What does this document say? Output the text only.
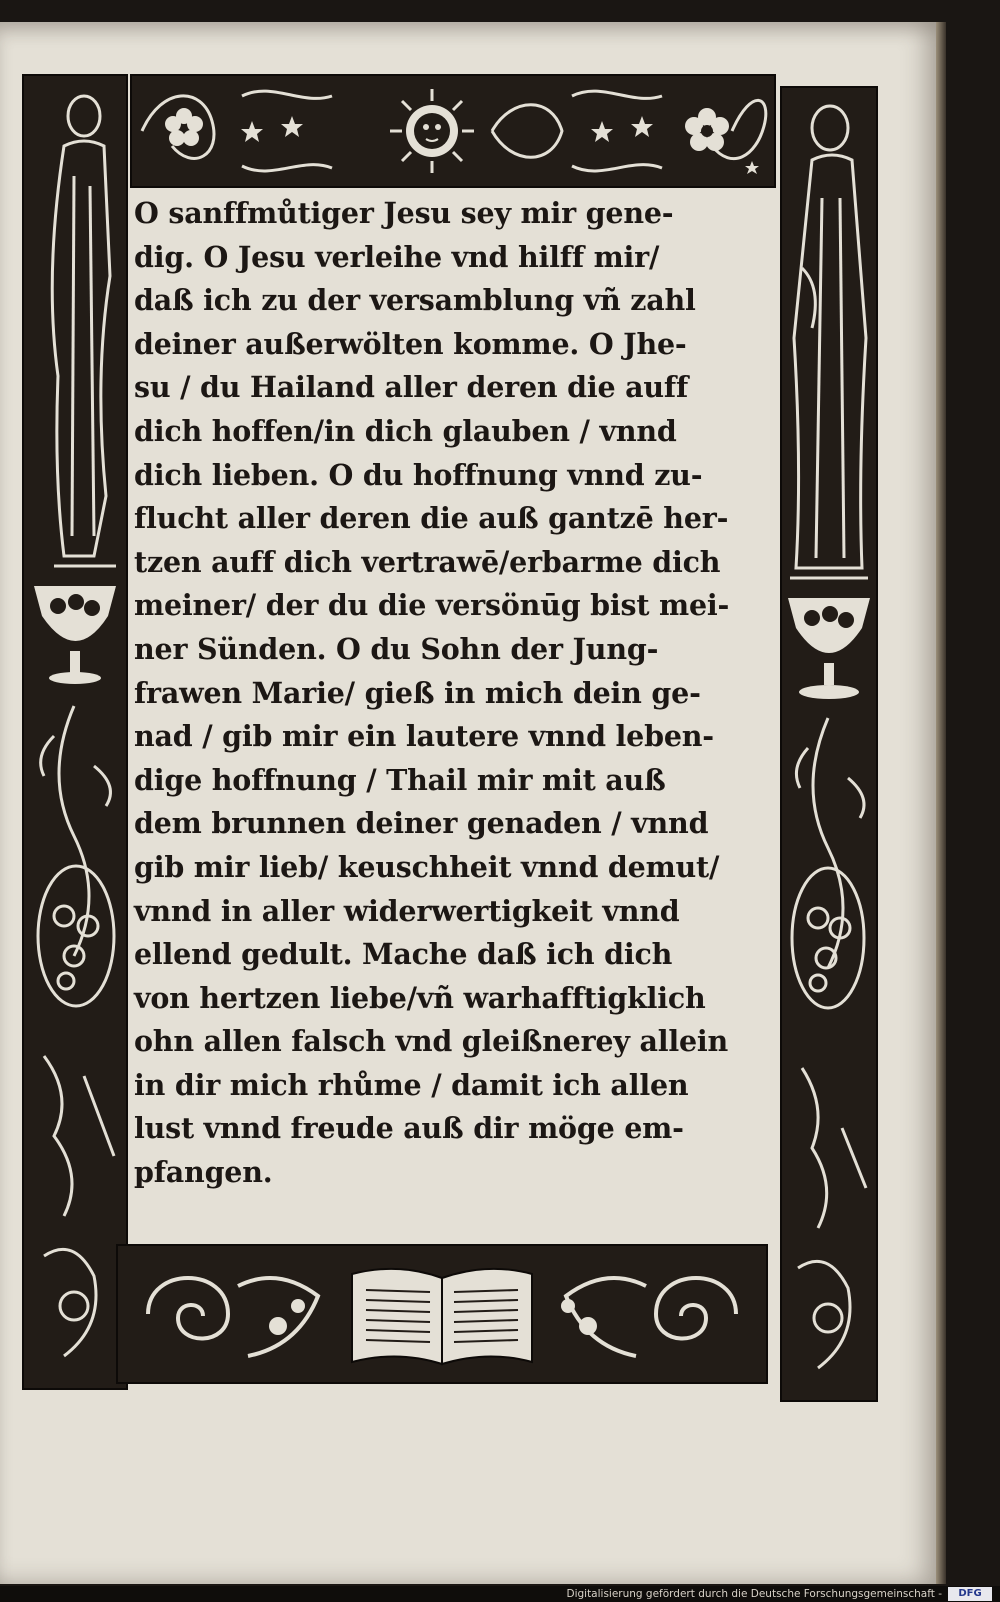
O sanffmůtiger Jesu sey mir gene-
dig. O Jesu verleihe vnd hilff mir/
daß ich zu der versamblung vñ zahl
deiner außerwölten komme. O Jhe-
su / du Hailand aller deren die auff
dich hoffen/in dich glauben / vnnd
dich lieben. O du hoffnung vnnd zu-
flucht aller deren die auß gantzē her-
tzen auff dich vertrawē/erbarme dich
meiner/ der du die versönūg bist mei-
ner Sünden. O du Sohn der Jung-
frawen Marie/ gieß in mich dein ge-
nad / gib mir ein lautere vnnd leben-
dige hoffnung / Thail mir mit auß
dem brunnen deiner genaden / vnnd
gib mir lieb/ keuschheit vnnd demut/
vnnd in aller widerwertigkeit vnnd
ellend gedult. Mache daß ich dich
von hertzen liebe/vñ warhafftigklich
ohn allen falsch vnd gleißnerey allein
in dir mich rhůme / damit ich allen
lust vnnd freude auß dir möge em-
pfangen.
Digitalisierung gefördert durch die Deutsche Forschungsgemeinschaft -	DFG
